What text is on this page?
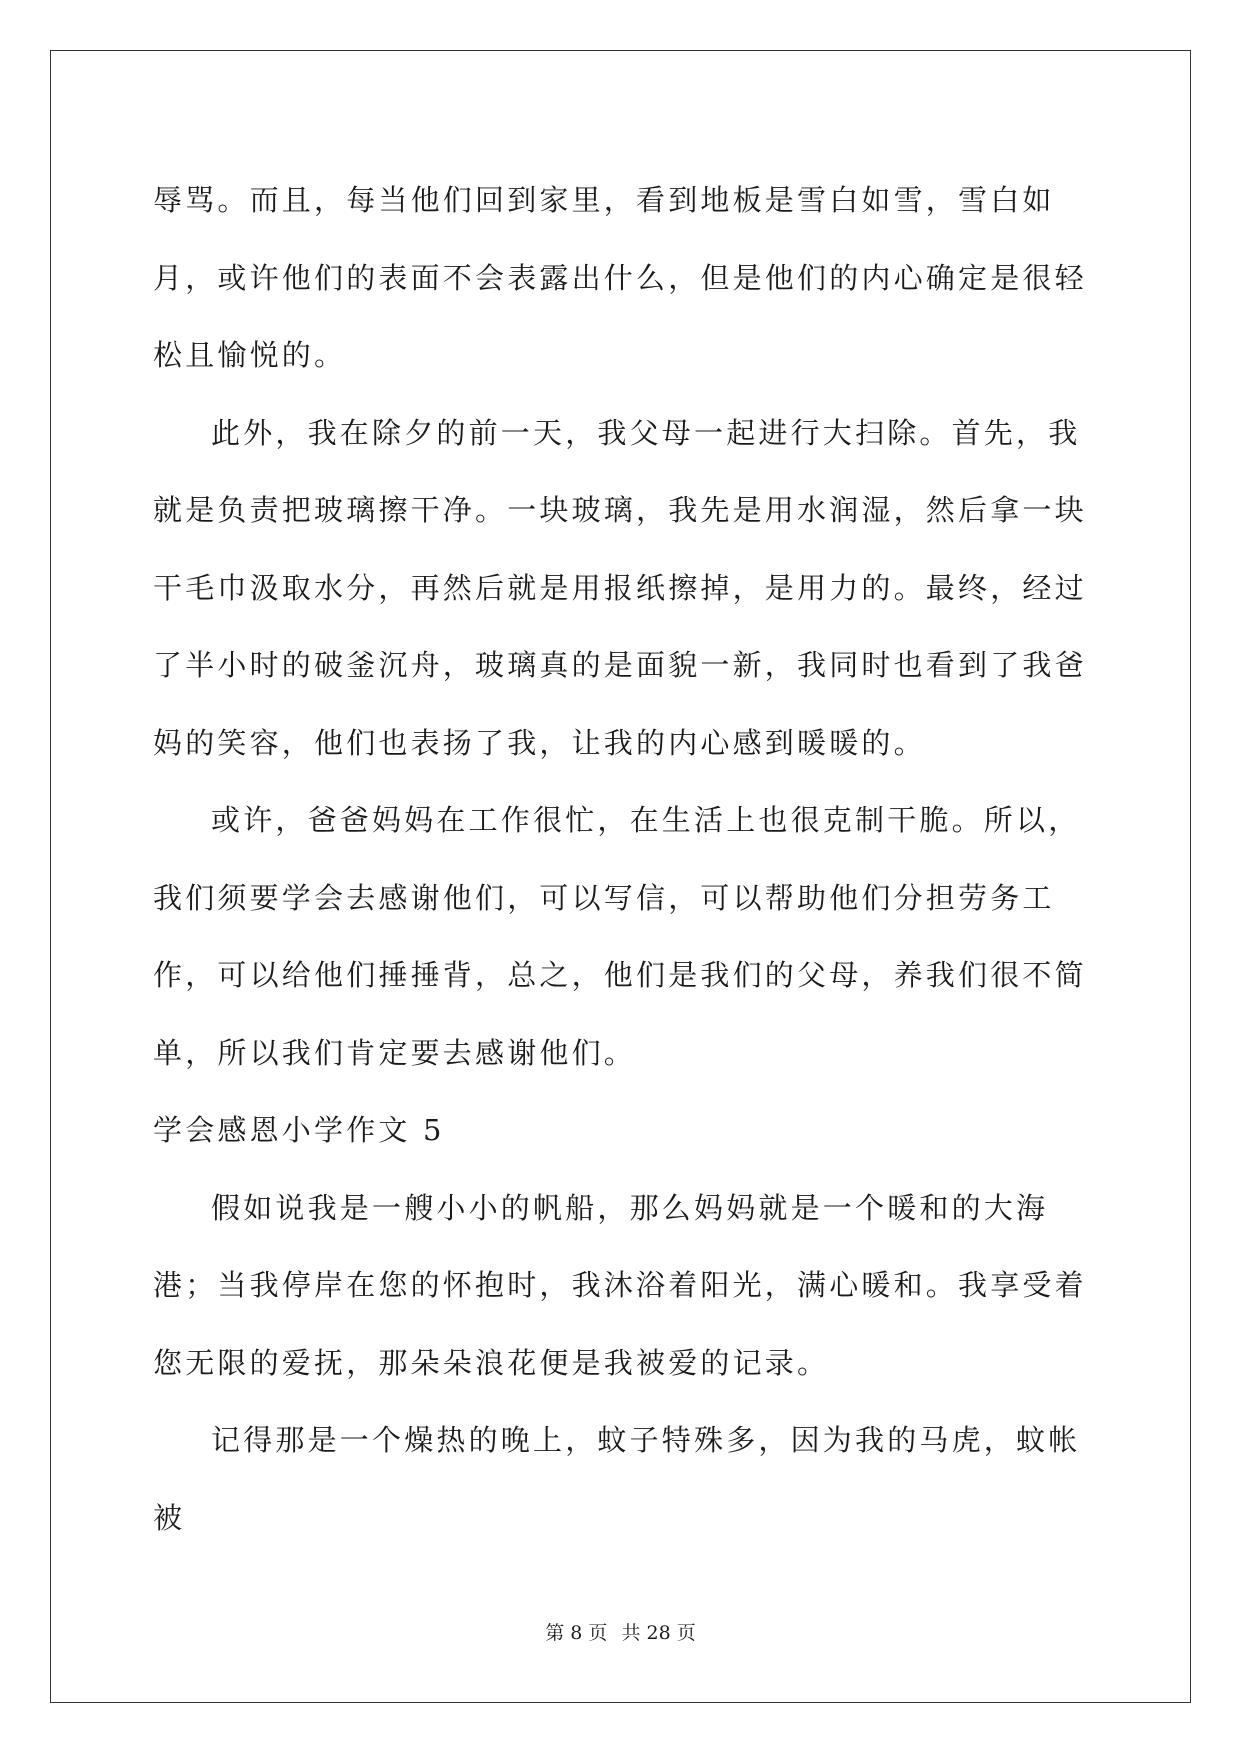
辱骂。而且，每当他们回到家里，看到地板是雪白如雪，雪白如月，或许他们的表面不会表露出什么，但是他们的内心确定是很轻松且愉悦的。

此外，我在除夕的前一天，我父母一起进行大扫除。首先，我就是负责把玻璃擦干净。一块玻璃，我先是用水润湿，然后拿一块干毛巾汲取水分，再然后就是用报纸擦掉，是用力的。最终，经过了半小时的破釜沉舟，玻璃真的是面貌一新，我同时也看到了我爸妈的笑容，他们也表扬了我，让我的内心感到暖暖的。

或许，爸爸妈妈在工作很忙，在生活上也很克制干脆。所以，我们须要学会去感谢他们，可以写信，可以帮助他们分担劳务工作，可以给他们捶捶背，总之，他们是我们的父母，养我们很不简单，所以我们肯定要去感谢他们。

学会感恩小学作文 5

假如说我是一艘小小的帆船，那么妈妈就是一个暖和的大海港；当我停岸在您的怀抱时，我沐浴着阳光，满心暖和。我享受着您无限的爱抚，那朵朵浪花便是我被爱的记录。

记得那是一个燥热的晚上，蚊子特殊多，因为我的马虎，蚊帐被

第 8 页 共 28 页
